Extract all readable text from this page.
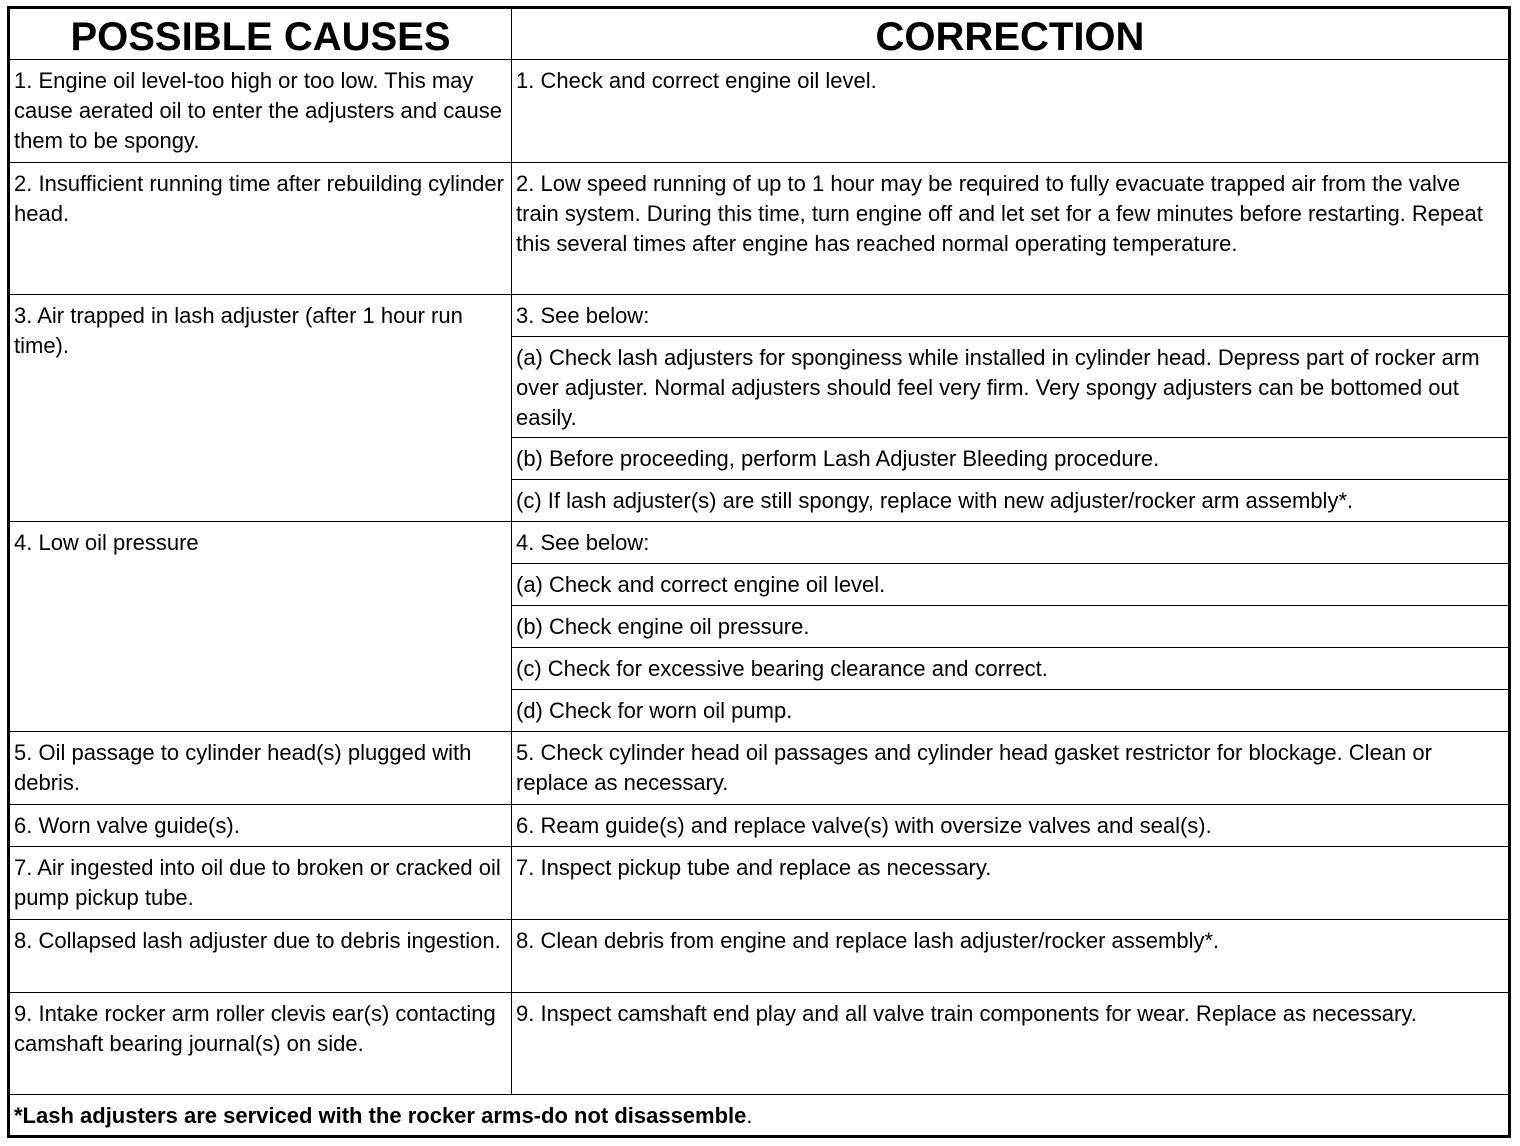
POSSIBLE CAUSES	CORRECTION
1. Engine oil level-too high or too low. This may cause aerated oil to enter the adjusters and cause them to be spongy.	1. Check and correct engine oil level.
2. Insufficient running time after rebuilding cylinder head.	2. Low speed running of up to 1 hour may be required to fully evacuate trapped air from the valve train system. During this time, turn engine off and let set for a few minutes before restarting. Repeat this several times after engine has reached normal operating temperature.
3. Air trapped in lash adjuster (after 1 hour run time).	3. See below:
	(a) Check lash adjusters for sponginess while installed in cylinder head. Depress part of rocker arm over adjuster. Normal adjusters should feel very firm. Very spongy adjusters can be bottomed out easily.
	(b) Before proceeding, perform Lash Adjuster Bleeding procedure.
	(c) If lash adjuster(s) are still spongy, replace with new adjuster/rocker arm assembly*.
4. Low oil pressure	4. See below:
	(a) Check and correct engine oil level.
	(b) Check engine oil pressure.
	(c) Check for excessive bearing clearance and correct.
	(d) Check for worn oil pump.
5. Oil passage to cylinder head(s) plugged with debris.	5. Check cylinder head oil passages and cylinder head gasket restrictor for blockage. Clean or replace as necessary.
6. Worn valve guide(s).	6. Ream guide(s) and replace valve(s) with oversize valves and seal(s).
7. Air ingested into oil due to broken or cracked oil pump pickup tube.	7. Inspect pickup tube and replace as necessary.
8. Collapsed lash adjuster due to debris ingestion.	8. Clean debris from engine and replace lash adjuster/rocker assembly*.
9. Intake rocker arm roller clevis ear(s) contacting camshaft bearing journal(s) on side.	9. Inspect camshaft end play and all valve train components for wear. Replace as necessary.
*Lash adjusters are serviced with the rocker arms-do not disassemble.	
